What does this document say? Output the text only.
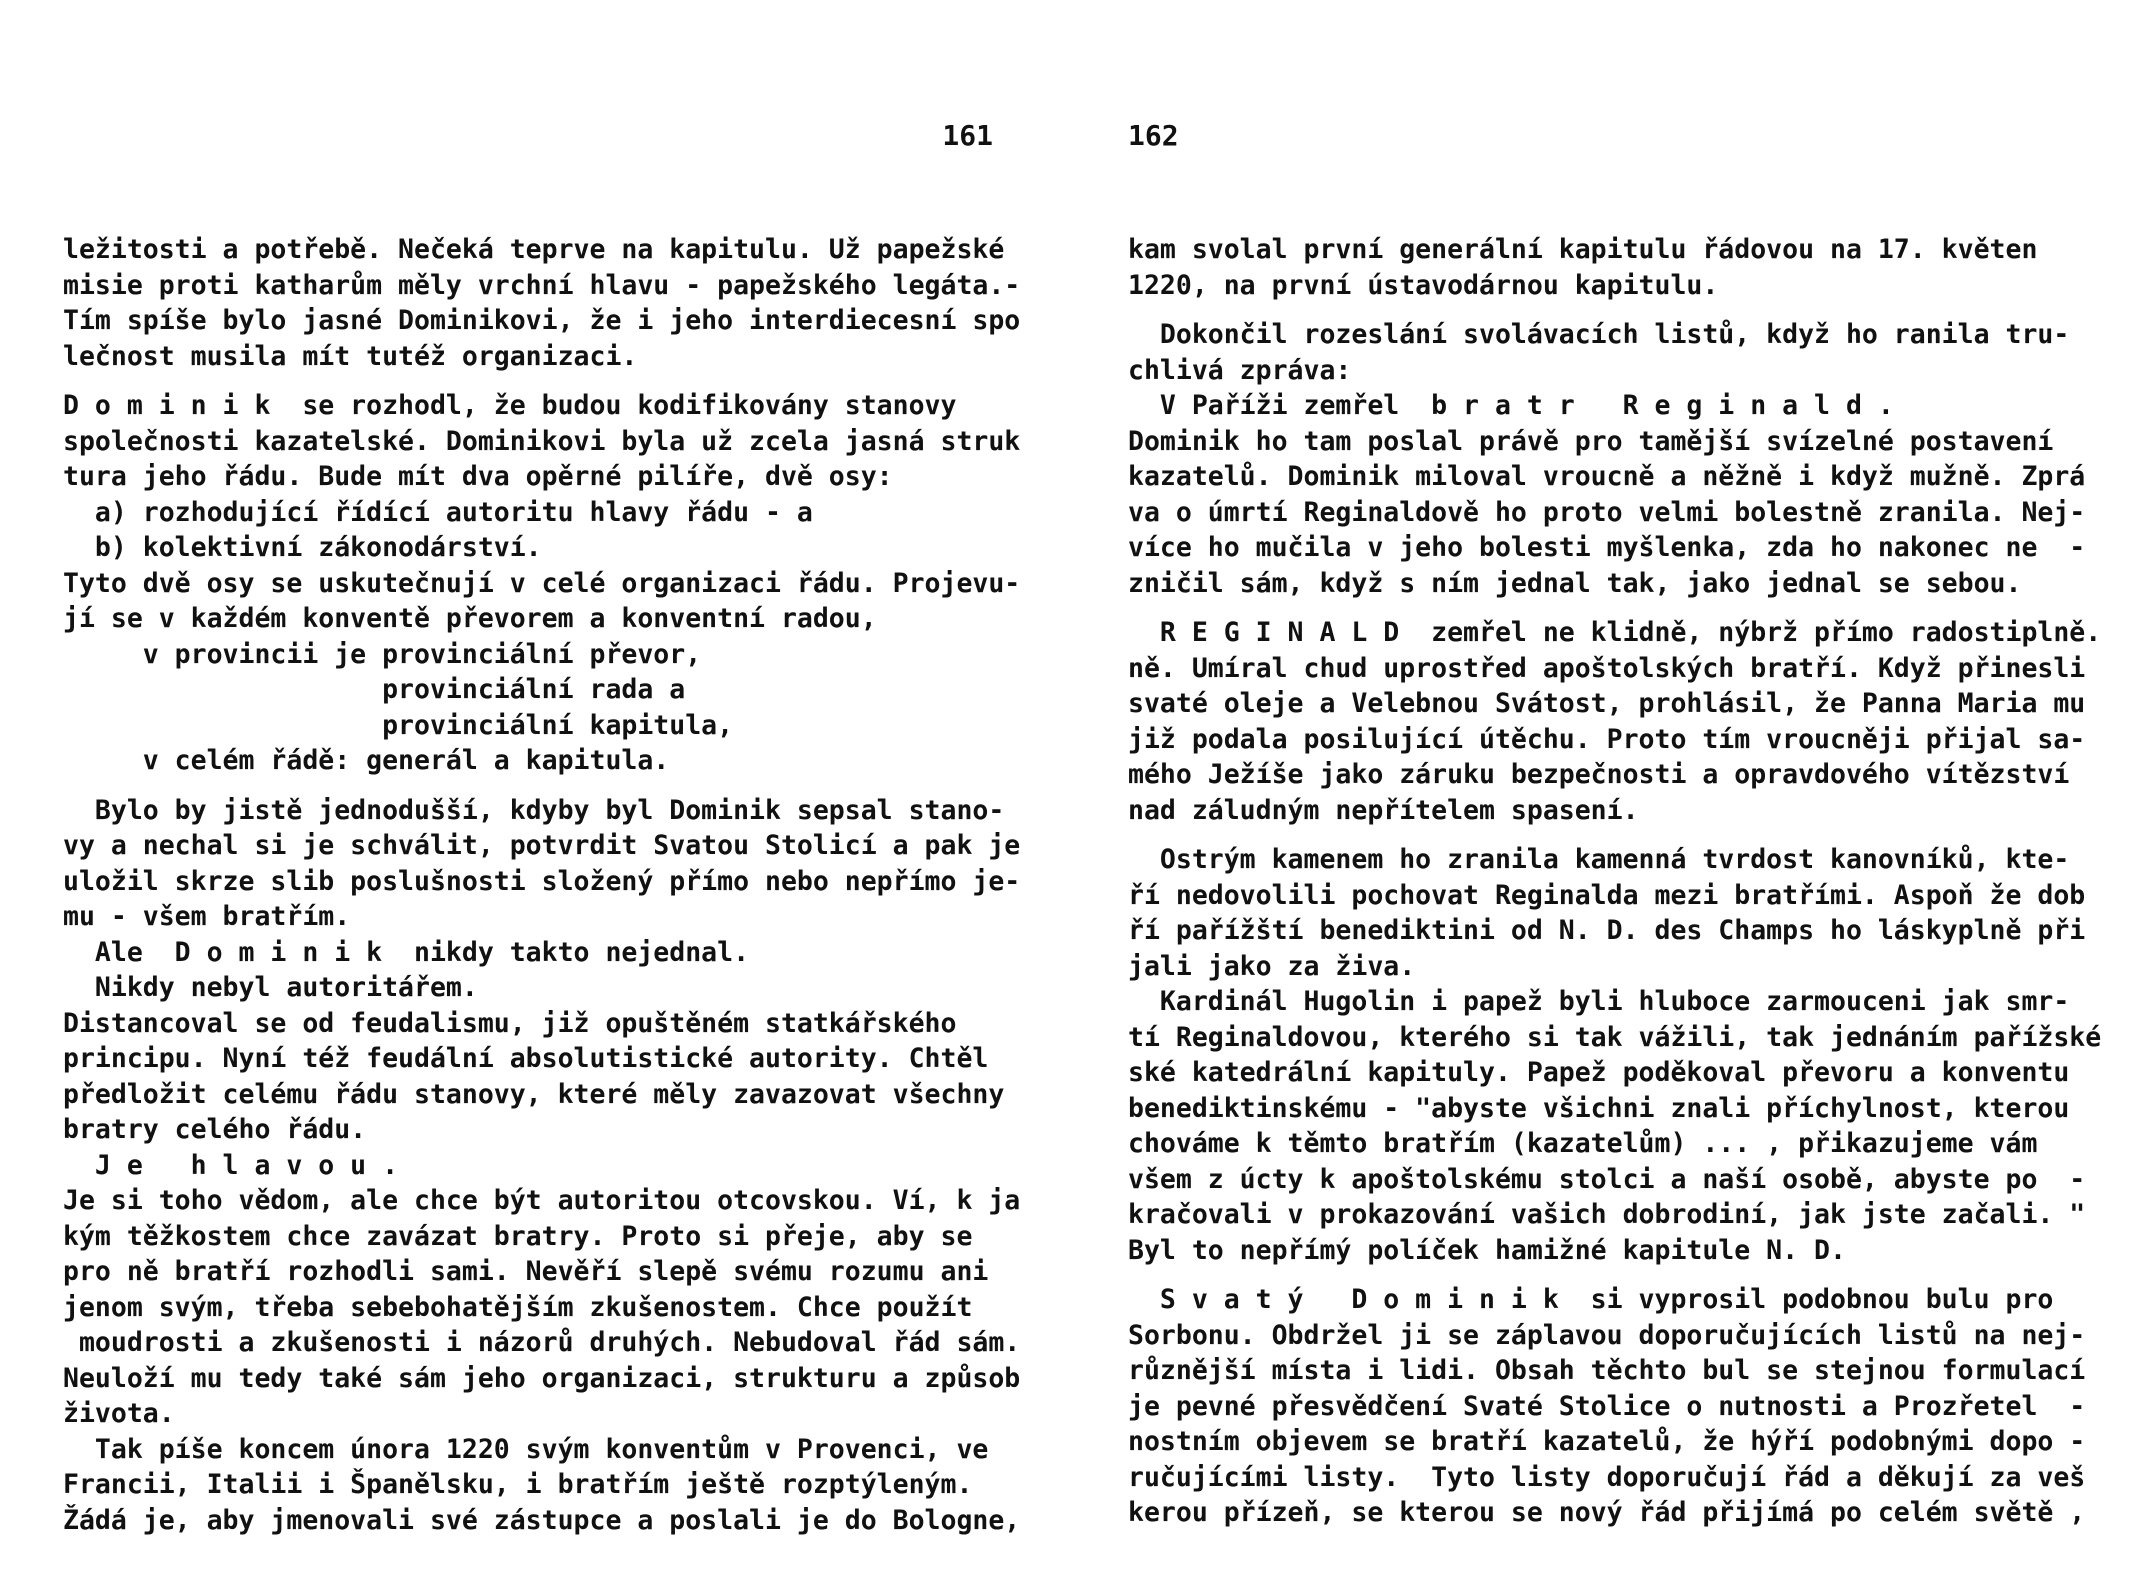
161

ležitosti a potřebě. Nečeká teprve na kapitulu. Už papežské
misie proti katharům měly vrchní hlavu - papežského legáta.-
Tím spíše bylo jasné Dominikovi, že i jeho interdiecesní spo
lečnost musila mít tutéž organizaci.
D o m i n i k  se rozhodl, že budou kodifikovány stanovy
společnosti kazatelské. Dominikovi byla už zcela jasná struk
tura jeho řádu. Bude mít dva opěrné pilíře, dvě osy:
a) rozhodující řídící autoritu hlavy řádu - a
b) kolektivní zákonodárství.
Tyto dvě osy se uskutečnují v celé organizaci řádu. Projevu-
jí se v každém konventě převorem a konventní radou,
v provincii je provinciální převor,
provinciální rada a
provinciální kapitula,
v celém řádě: generál a kapitula.
Bylo by jistě jednodušší, kdyby byl Dominik sepsal stano-
vy a nechal si je schválit, potvrdit Svatou Stolicí a pak je
uložil skrze slib poslušnosti složený přímo nebo nepřímo je-
mu - všem bratřím.
Ale  D o m i n i k  nikdy takto nejednal.
Nikdy nebyl autoritářem.
Distancoval se od feudalismu, již opuštěném statkářského
principu. Nyní též feudální absolutistické autority. Chtěl
předložit celému řádu stanovy, které měly zavazovat všechny
bratry celého řádu.
J e   h l a v o u .
Je si toho vědom, ale chce být autoritou otcovskou. Ví, k ja
kým těžkostem chce zavázat bratry. Proto si přeje, aby se
pro ně bratří rozhodli sami. Nevěří slepě svému rozumu ani
jenom svým, třeba sebebohatějším zkušenostem. Chce použít
moudrosti a zkušenosti i názorů druhých. Nebudoval řád sám.
Neuloží mu tedy také sám jeho organizaci, strukturu a způsob
života.
Tak píše koncem února 1220 svým konventům v Provenci, ve
Francii, Italii i Španělsku, i bratřím ještě rozptýleným.
Žádá je, aby jmenovali své zástupce a poslali je do Bologne,

162

kam svolal první generální kapitulu řádovou na 17. květen
1220, na první ústavodárnou kapitulu.
Dokončil rozeslání svolávacích listů, když ho ranila tru-
chlivá zpráva:
V Paříži zemřel  b r a t r   R e g i n a l d .
Dominik ho tam poslal právě pro tamější svízelné postavení
kazatelů. Dominik miloval vroucně a něžně i když mužně. Zprá
va o úmrtí Reginaldově ho proto velmi bolestně zranila. Nej-
více ho mučila v jeho bolesti myšlenka, zda ho nakonec ne  -
zničil sám, když s ním jednal tak, jako jednal se sebou.
R E G I N A L D  zemřel ne klidně, nýbrž přímo radostiplně.
ně. Umíral chud uprostřed apoštolských bratří. Když přinesli
svaté oleje a Velebnou Svátost, prohlásil, že Panna Maria mu
již podala posilující útěchu. Proto tím vroucněji přijal sa-
mého Ježíše jako záruku bezpečnosti a opravdového vítězství
nad záludným nepřítelem spasení.
Ostrým kamenem ho zranila kamenná tvrdost kanovníků, kte-
ří nedovolili pochovat Reginalda mezi bratřími. Aspoň že dob
ří pařížští benediktini od N. D. des Champs ho láskyplně při
jali jako za živa.
Kardinál Hugolin i papež byli hluboce zarmouceni jak smr-
tí Reginaldovou, kterého si tak vážili, tak jednáním pařížské
ské katedrální kapituly. Papež poděkoval převoru a konventu
benediktinskému - "abyste všichni znali příchylnost, kterou
chováme k těmto bratřím (kazatelům) ... , přikazujeme vám
všem z úcty k apoštolskému stolci a naší osobě, abyste po  -
kračovali v prokazování vašich dobrodiní, jak jste začali. "
Byl to nepřímý políček hamižné kapitule N. D.
S v a t ý   D o m i n i k  si vyprosil podobnou bulu pro
Sorbonu. Obdržel ji se záplavou doporučujících listů na nej-
různější místa i lidi. Obsah těchto bul se stejnou formulací
je pevné přesvědčení Svaté Stolice o nutnosti a Prozřetel  -
nostním objevem se bratří kazatelů, že hýří podobnými dopo -
ručujícími listy.  Tyto listy doporučují řád a děkují za veš
kerou přízeň, se kterou se nový řád přijímá po celém světě ,
